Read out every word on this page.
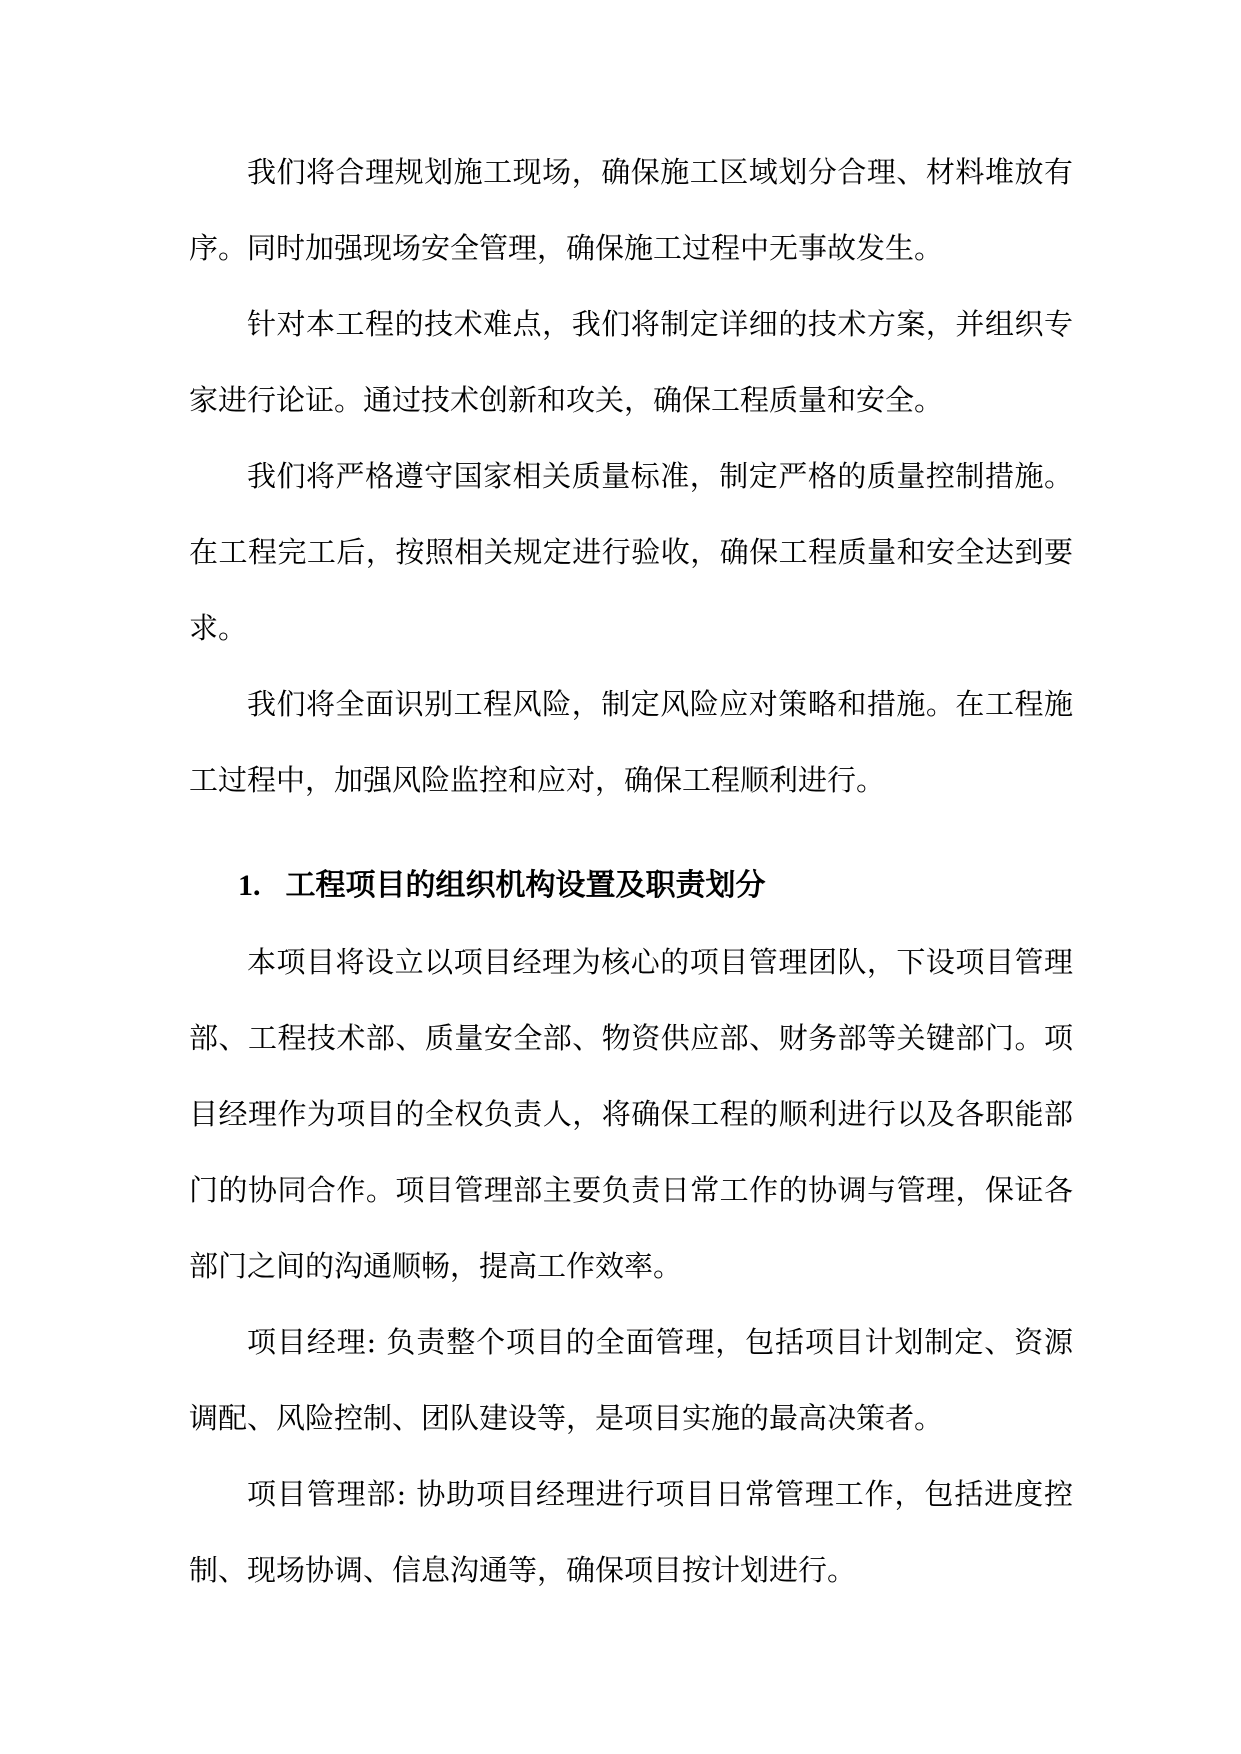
我们将合理规划施工现场，确保施工区域划分合理、材料堆放有
序。同时加强现场安全管理，确保施工过程中无事故发生。
针对本工程的技术难点，我们将制定详细的技术方案，并组织专
家进行论证。通过技术创新和攻关，确保工程质量和安全。
我们将严格遵守国家相关质量标准，制定严格的质量控制措施。
在工程完工后，按照相关规定进行验收，确保工程质量和安全达到要
求。
我们将全面识别工程风险，制定风险应对策略和措施。在工程施
工过程中，加强风险监控和应对，确保工程顺利进行。
1. 工程项目的组织机构设置及职责划分
本项目将设立以项目经理为核心的项目管理团队，下设项目管理
部、工程技术部、质量安全部、物资供应部、财务部等关键部门。项
目经理作为项目的全权负责人，将确保工程的顺利进行以及各职能部
门的协同合作。项目管理部主要负责日常工作的协调与管理，保证各
部门之间的沟通顺畅，提高工作效率。
项目经理: 负责整个项目的全面管理，包括项目计划制定、资源
调配、风险控制、团队建设等，是项目实施的最高决策者。
项目管理部: 协助项目经理进行项目日常管理工作，包括进度控
制、现场协调、信息沟通等，确保项目按计划进行。
